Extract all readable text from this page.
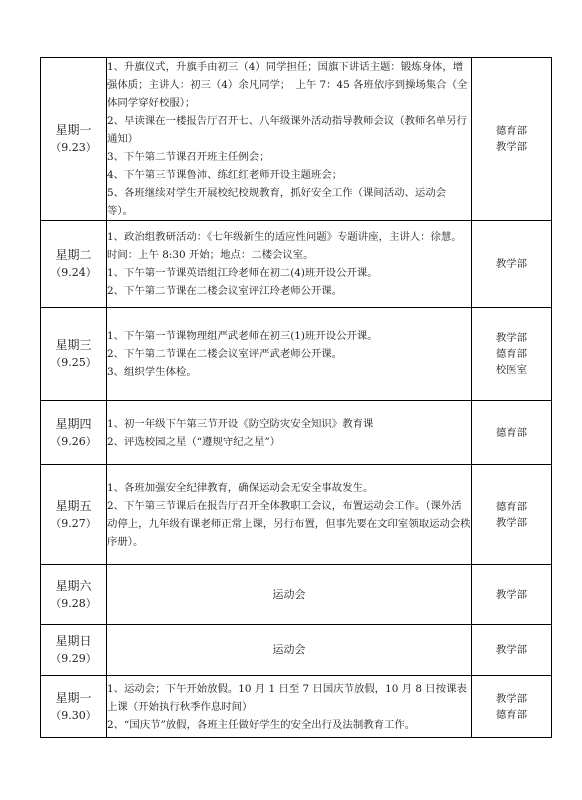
星期一
（9.23）	1、升旗仪式，升旗手由初三（4）同学担任；国旗下讲话主题：锻炼身体，增强体质；主讲人：初三（4）余凡同学；　上午 7：45 各班依序到操场集合（全体同学穿好校服）；
2、早读课在一楼报告厅召开七、八年级课外活动指导教师会议（教师名单另行通知）
3、下午第二节课召开班主任例会；
4、下午第三节课鲁沛、练红红老师开设主题班会；
5、各班继续对学生开展校纪校规教育，抓好安全工作（课间活动、运动会等）。	德育部
教学部

星期二
（9.24）	1、政治组教研活动：《七年级新生的适应性问题》专题讲座，主讲人：徐慧。时间：上午 8:30 开始；地点：二楼会议室。
1、下午第一节课英语组江玲老师在初二(4)班开设公开课。
2、下午第二节课在二楼会议室评江玲老师公开课。	教学部

星期三
（9.25）	1、下午第一节课物理组严武老师在初三(1)班开设公开课。
2、下午第二节课在二楼会议室评严武老师公开课。
3、组织学生体检。	教学部
德育部
校医室

星期四
（9.26）	1、初一年级下午第三节开设《防空防灾安全知识》教育课
2、评选校园之星（“遵规守纪之星”）	德育部

星期五
（9.27）	1、各班加强安全纪律教育，确保运动会无安全事故发生。
2、下午第三节课后在报告厅召开全体教职工会议，布置运动会工作。（课外活动停上，九年级有课老师正常上课，另行布置，但事先要在文印室领取运动会秩序册）。	德育部
教学部

星期六
（9.28）	运动会	教学部

星期日
（9.29）	运动会	教学部

星期一
（9.30）	1、运动会；下午开始放假。10 月 1 日至 7 日国庆节放假，10 月 8 日按课表上课（开始执行秋季作息时间）
2、“国庆节”放假，各班主任做好学生的安全出行及法制教育工作。	教学部
德育部
